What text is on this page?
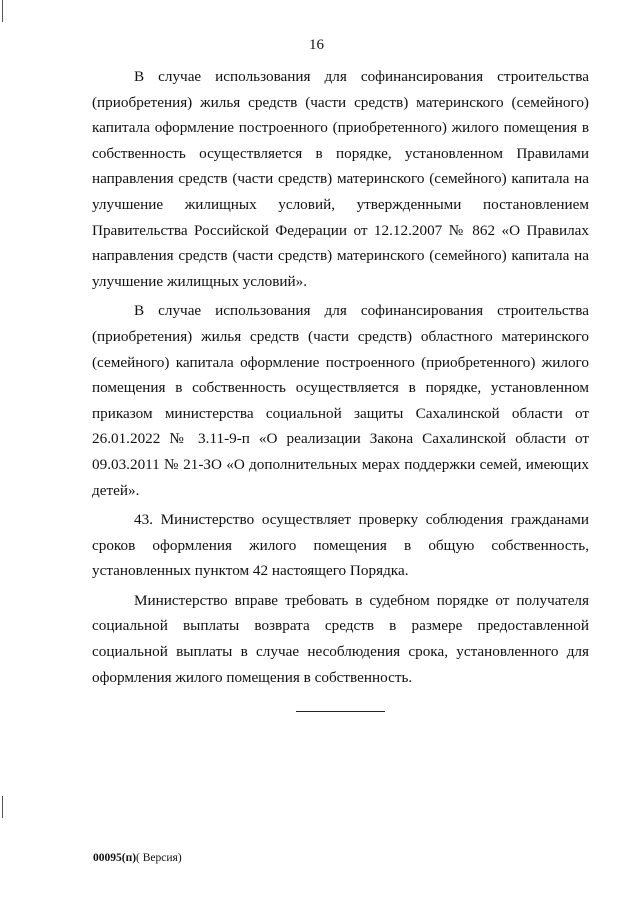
16

В случае использования для софинансирования строительства (приобретения) жилья средств (части средств) материнского (семейного) капитала оформление построенного (приобретенного) жилого помещения в собственность осуществляется в порядке, установленном Правилами направления средств (части средств) материнского (семейного) капитала на улучшение жилищных условий, утвержденными постановлением Правительства Российской Федерации от 12.12.2007 № 862 «О Правилах направления средств (части средств) материнского (семейного) капитала на улучшение жилищных условий».

В случае использования для софинансирования строительства (приобретения) жилья средств (части средств) областного материнского (семейного) капитала оформление построенного (приобретенного) жилого помещения в собственность осуществляется в порядке, установленном приказом министерства социальной защиты Сахалинской области от 26.01.2022 № 3.11-9-п «О реализации Закона Сахалинской области от 09.03.2011 № 21-ЗО «О дополнительных мерах поддержки семей, имеющих детей».

43. Министерство осуществляет проверку соблюдения гражданами сроков оформления жилого помещения в общую собственность, установленных пунктом 42 настоящего Порядка.

Министерство вправе требовать в судебном порядке от получателя социальной выплаты возврата средств в размере предоставленной социальной выплаты в случае несоблюдения срока, установленного для оформления жилого помещения в собственность.

00095(п)( Версия)
